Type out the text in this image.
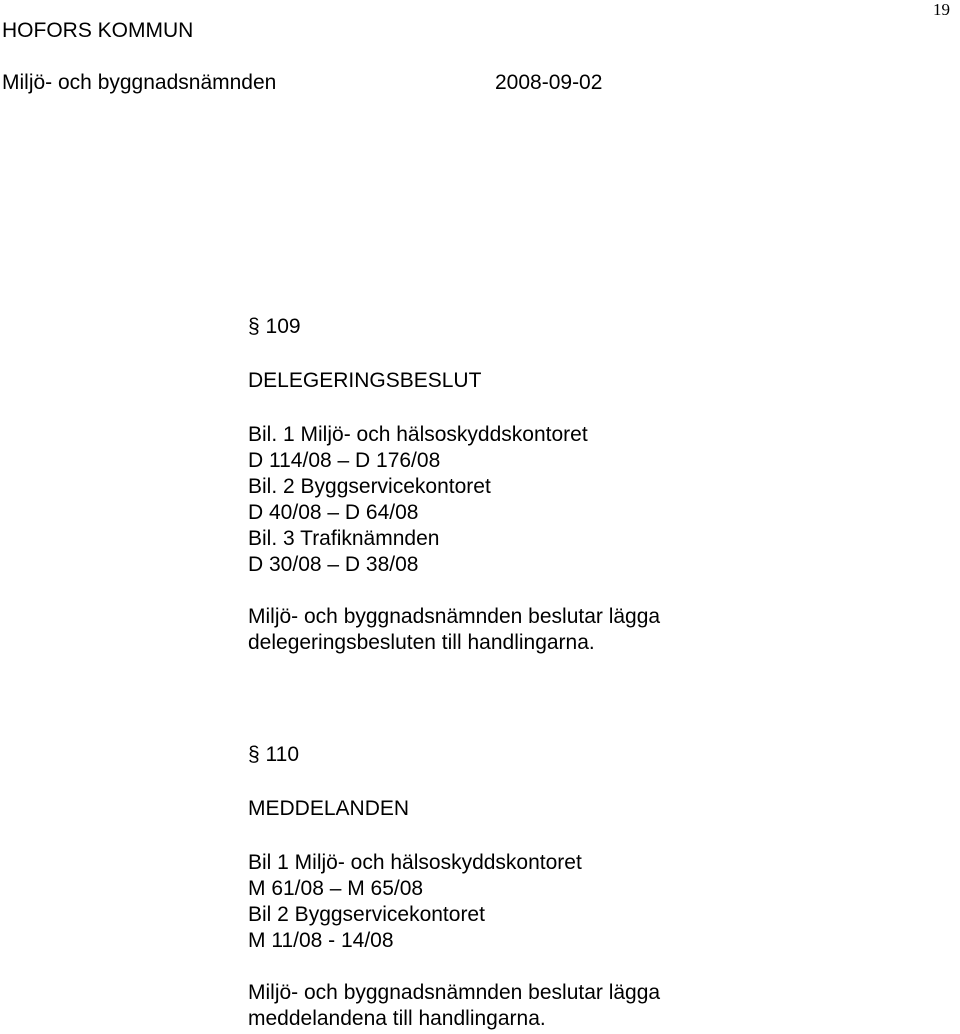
19
HOFORS KOMMUN
Miljö- och byggnadsnämnden	2008-09-02
§ 109
DELEGERINGSBESLUT
Bil. 1 Miljö- och hälsoskyddskontoret
D 114/08 – D 176/08
Bil. 2 Byggservicekontoret
D 40/08 – D 64/08
Bil. 3 Trafiknämnden
D 30/08 – D 38/08
Miljö- och byggnadsnämnden beslutar lägga
delegeringsbesluten till handlingarna.
§ 110
MEDDELANDEN
Bil 1 Miljö- och hälsoskyddskontoret
M 61/08 – M 65/08
Bil 2 Byggservicekontoret
M 11/08 - 14/08
Miljö- och byggnadsnämnden beslutar lägga
meddelandena till handlingarna.
